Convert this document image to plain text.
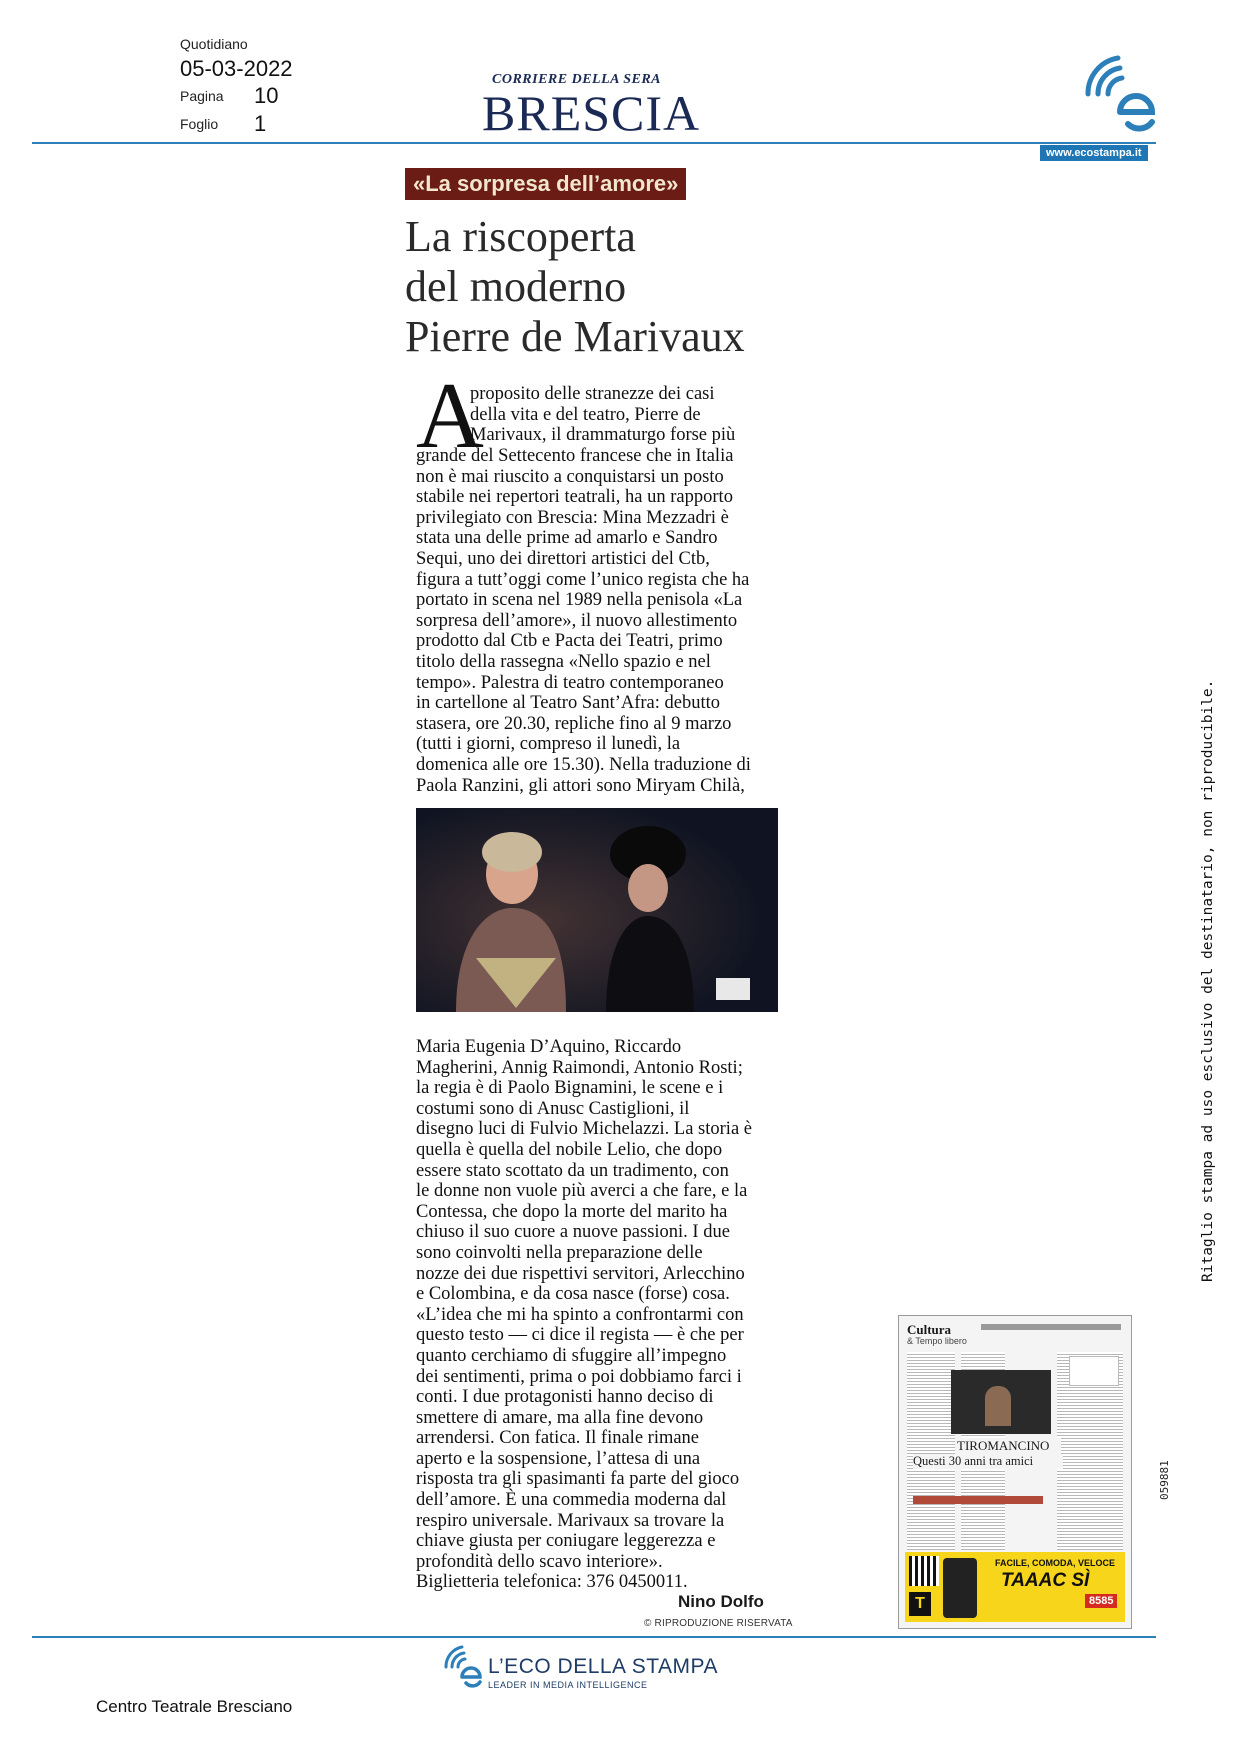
Quotidiano
05-03-2022
Pagina 10
Foglio 1
CORRIERE DELLA SERA
BRESCIA
www.ecostampa.it
«La sorpresa dell’amore»
La riscoperta
del moderno
Pierre de Marivaux
A
proposito delle stranezze dei casi
della vita e del teatro, Pierre de
Marivaux, il drammaturgo forse più
grande del Settecento francese che in Italia
non è mai riuscito a conquistarsi un posto
stabile nei repertori teatrali, ha un rapporto
privilegiato con Brescia: Mina Mezzadri è
stata una delle prime ad amarlo e Sandro
Sequi, uno dei direttori artistici del Ctb,
figura a tutt’oggi come l’unico regista che ha
portato in scena nel 1989 nella penisola «La
sorpresa dell’amore», il nuovo allestimento
prodotto dal Ctb e Pacta dei Teatri, primo
titolo della rassegna «Nello spazio e nel
tempo». Palestra di teatro contemporaneo
in cartellone al Teatro Sant’Afra: debutto
stasera, ore 20.30, repliche fino al 9 marzo
(tutti i giorni, compreso il lunedì, la
domenica alle ore 15.30). Nella traduzione di
Paola Ranzini, gli attori sono Miryam Chilà,
Maria Eugenia D’Aquino, Riccardo
Magherini, Annig Raimondi, Antonio Rosti;
la regia è di Paolo Bignamini, le scene e i
costumi sono di Anusc Castiglioni, il
disegno luci di Fulvio Michelazzi. La storia è
quella è quella del nobile Lelio, che dopo
essere stato scottato da un tradimento, con
le donne non vuole più averci a che fare, e la
Contessa, che dopo la morte del marito ha
chiuso il suo cuore a nuove passioni. I due
sono coinvolti nella preparazione delle
nozze dei due rispettivi servitori, Arlecchino
e Colombina, e da cosa nasce (forse) cosa.
«L’idea che mi ha spinto a confrontarmi con
questo testo — ci dice il regista — è che per
quanto cerchiamo di sfuggire all’impegno
dei sentimenti, prima o poi dobbiamo farci i
conti. I due protagonisti hanno deciso di
smettere di amare, ma alla fine devono
arrendersi. Con fatica. Il finale rimane
aperto e la sospensione, l’attesa di una
risposta tra gli spasimanti fa parte del gioco
dell’amore. È una commedia moderna dal
respiro universale. Marivaux sa trovare la
chiave giusta per coniugare leggerezza e
profondità dello scavo interiore».
Biglietteria telefonica: 376 0450011.
Nino Dolfo
© RIPRODUZIONE RISERVATA
Ritaglio stampa ad uso esclusivo del destinatario, non riproducibile.
059881
Cultura
& Tempo libero
TIROMANCINO
Questi 30 anni tra amici
T
FACILE, COMODA, VELOCE
TAAAC SÌ
8585
L’ECO DELLA STAMPA
LEADER IN MEDIA INTELLIGENCE
Centro Teatrale Bresciano
